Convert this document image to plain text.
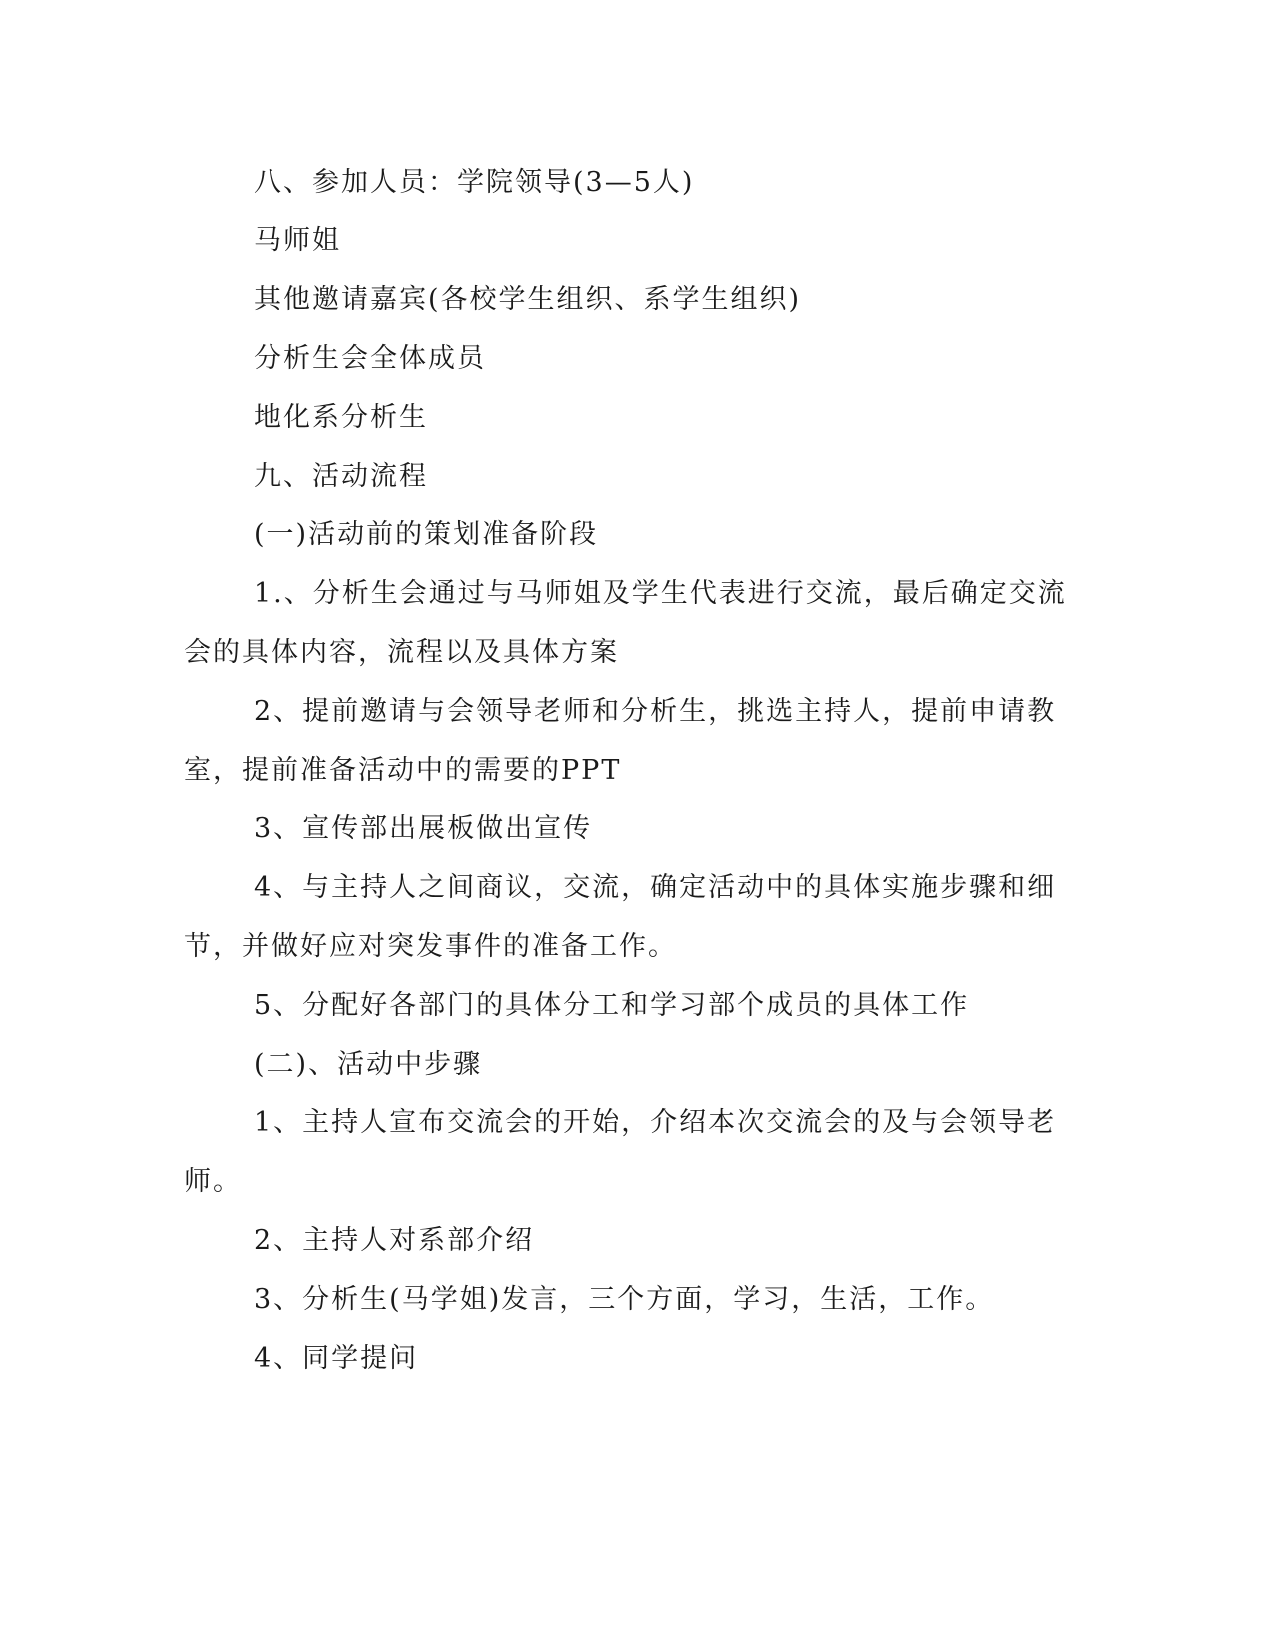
八、参加人员：学院领导(3—5人)

马师姐

其他邀请嘉宾(各校学生组织、系学生组织)

分析生会全体成员

地化系分析生

九、活动流程

(一)活动前的策划准备阶段

1.、分析生会通过与马师姐及学生代表进行交流，最后确定交流

会的具体内容，流程以及具体方案

2、提前邀请与会领导老师和分析生，挑选主持人，提前申请教

室，提前准备活动中的需要的PPT

3、宣传部出展板做出宣传

4、与主持人之间商议，交流，确定活动中的具体实施步骤和细

节，并做好应对突发事件的准备工作。

5、分配好各部门的具体分工和学习部个成员的具体工作

(二)、活动中步骤

1、主持人宣布交流会的开始，介绍本次交流会的及与会领导老

师。

2、主持人对系部介绍

3、分析生(马学姐)发言，三个方面，学习，生活，工作。

4、同学提问
